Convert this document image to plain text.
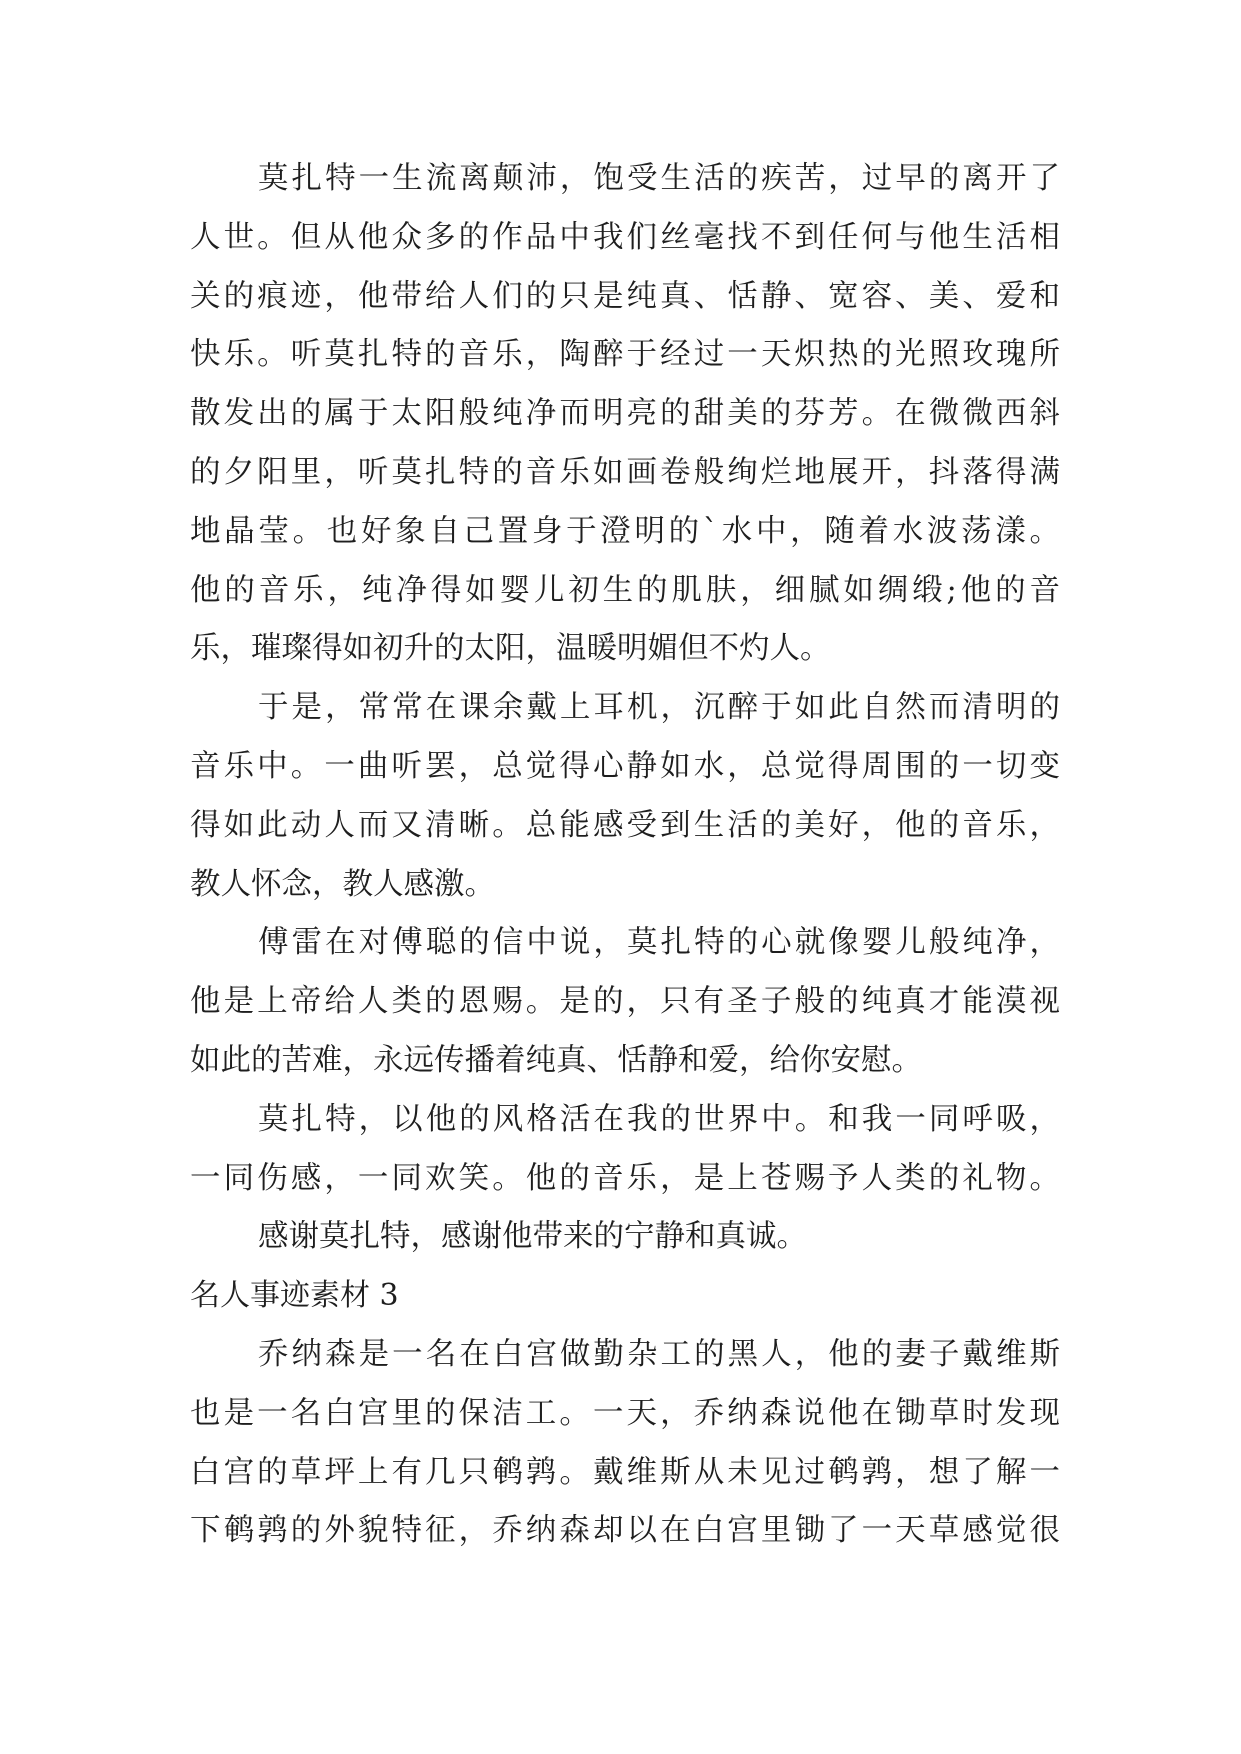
莫扎特一生流离颠沛，饱受生活的疾苦，过早的离开了
人世。但从他众多的作品中我们丝毫找不到任何与他生活相
关的痕迹，他带给人们的只是纯真、恬静、宽容、美、爱和
快乐。听莫扎特的音乐，陶醉于经过一天炽热的光照玫瑰所
散发出的属于太阳般纯净而明亮的甜美的芬芳。在微微西斜
的夕阳里，听莫扎特的音乐如画卷般绚烂地展开，抖落得满
地晶莹。也好象自己置身于澄明的`水中，随着水波荡漾。
他的音乐，纯净得如婴儿初生的肌肤，细腻如绸缎;他的音
乐，璀璨得如初升的太阳，温暖明媚但不灼人。
于是，常常在课余戴上耳机，沉醉于如此自然而清明的
音乐中。一曲听罢，总觉得心静如水，总觉得周围的一切变
得如此动人而又清晰。总能感受到生活的美好，他的音乐，
教人怀念，教人感激。
傅雷在对傅聪的信中说，莫扎特的心就像婴儿般纯净，
他是上帝给人类的恩赐。是的，只有圣子般的纯真才能漠视
如此的苦难，永远传播着纯真、恬静和爱，给你安慰。
莫扎特，以他的风格活在我的世界中。和我一同呼吸，
一同伤感，一同欢笑。他的音乐，是上苍赐予人类的礼物。
感谢莫扎特，感谢他带来的宁静和真诚。
名人事迹素材 3
乔纳森是一名在白宫做勤杂工的黑人，他的妻子戴维斯
也是一名白宫里的保洁工。一天，乔纳森说他在锄草时发现
白宫的草坪上有几只鹌鹑。戴维斯从未见过鹌鹑，想了解一
下鹌鹑的外貌特征，乔纳森却以在白宫里锄了一天草感觉很
